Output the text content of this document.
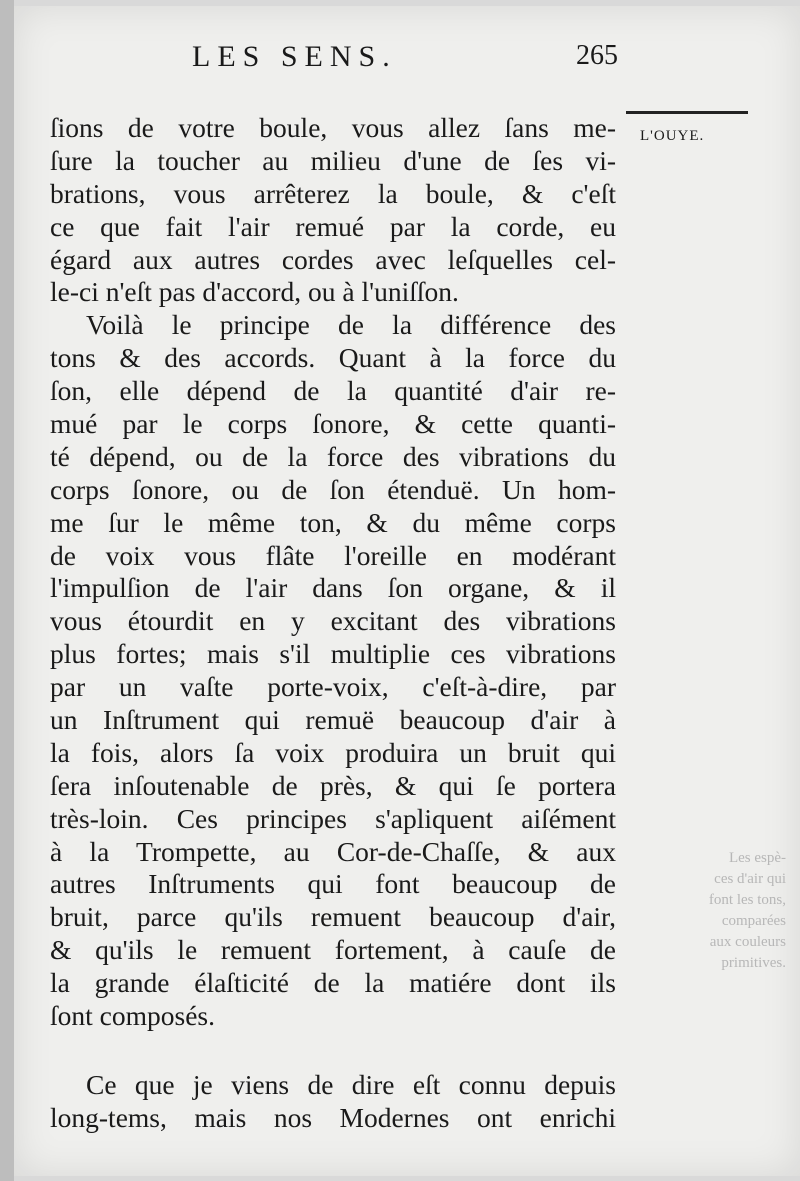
LES SENS.	265
L'OUYE.
Les espè-
ces d'air qui
font les tons,
comparées
aux couleurs
primitives.
ſions de votre boule, vous allez ſans me-
ſure la toucher au milieu d'une de ſes vi-
brations, vous arrêterez la boule, & c'eſt
ce que fait l'air remué par la corde, eu
égard aux autres cordes avec leſquelles cel-
le-ci n'eſt pas d'accord, ou à l'uniſſon.
Voilà le principe de la différence des
tons & des accords. Quant à la force du
ſon, elle dépend de la quantité d'air re-
mué par le corps ſonore, & cette quanti-
té dépend, ou de la force des vibrations du
corps ſonore, ou de ſon étenduë. Un hom-
me ſur le même ton, & du même corps
de voix vous flâte l'oreille en modérant
l'impulſion de l'air dans ſon organe, & il
vous étourdit en y excitant des vibrations
plus fortes; mais s'il multiplie ces vibrations
par un vaſte porte-voix, c'eſt-à-dire, par
un Inſtrument qui remuë beaucoup d'air à
la fois, alors ſa voix produira un bruit qui
ſera inſoutenable de près, & qui ſe portera
très-loin. Ces principes s'apliquent aiſément
à la Trompette, au Cor-de-Chaſſe, & aux
autres Inſtruments qui font beaucoup de
bruit, parce qu'ils remuent beaucoup d'air,
& qu'ils le remuent fortement, à cauſe de
la grande élaſticité de la matiére dont ils
ſont composés.
Ce que je viens de dire eſt connu depuis
long-tems, mais nos Modernes ont enrichi
